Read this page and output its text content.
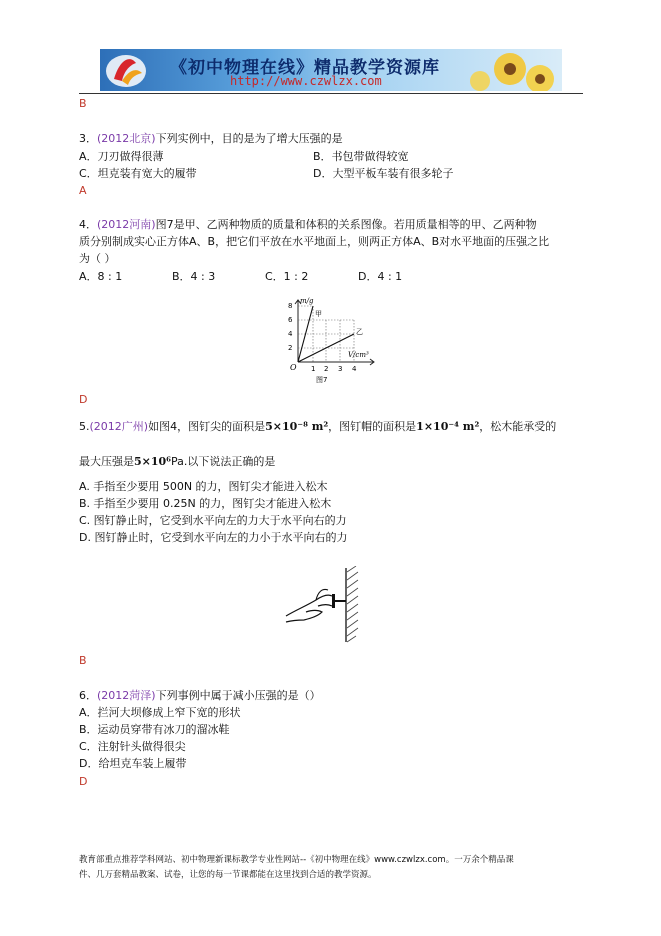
《初中物理在线》精品教学资源库
http://www.czwlzx.com
B
3．(2012北京)下列实例中，目的是为了增大压强的是
A．刀刃做得很薄	B．书包带做得较宽
C．坦克装有宽大的履带	D．大型平板车装有很多轮子
A
4．(2012河南)图7是甲、乙两种物质的质量和体积的关系图像。若用质量相等的甲、乙两种物
质分别制成实心正方体A、B，把它们平放在水平地面上，则两正方体A、B对水平地面的压强之比
为（ ）
A．8 : 1	B．4 : 3	C．1 : 2	D．4 : 1
m/g
V/cm³
8
6
4
2
O 1 2 3 4
甲
乙
图7
D
5.(2012广州)如图4，图钉尖的面积是5×10⁻⁸ m²，图钉帽的面积是1×10⁻⁴ m²，松木能承受的
最大压强是5×10⁶Pa.以下说法正确的是
A. 手指至少要用 500N 的力，图钉尖才能进入松木
B. 手指至少要用 0.25N 的力，图钉尖才能进入松木
C. 图钉静止时，它受到水平向左的力大于水平向右的力
D. 图钉静止时，它受到水平向左的力小于水平向右的力
B
6．(2012菏泽)下列事例中属于减小压强的是（）
A．拦河大坝修成上窄下宽的形状
B．运动员穿带有冰刀的溜冰鞋
C．注射针头做得很尖
D．给坦克车装上履带
D
教育部重点推荐学科网站、初中物理新课标教学专业性网站--《初中物理在线》www.czwlzx.com。一万余个精品课
件、几万套精品教案、试卷，让您的每一节课都能在这里找到合适的教学资源。
